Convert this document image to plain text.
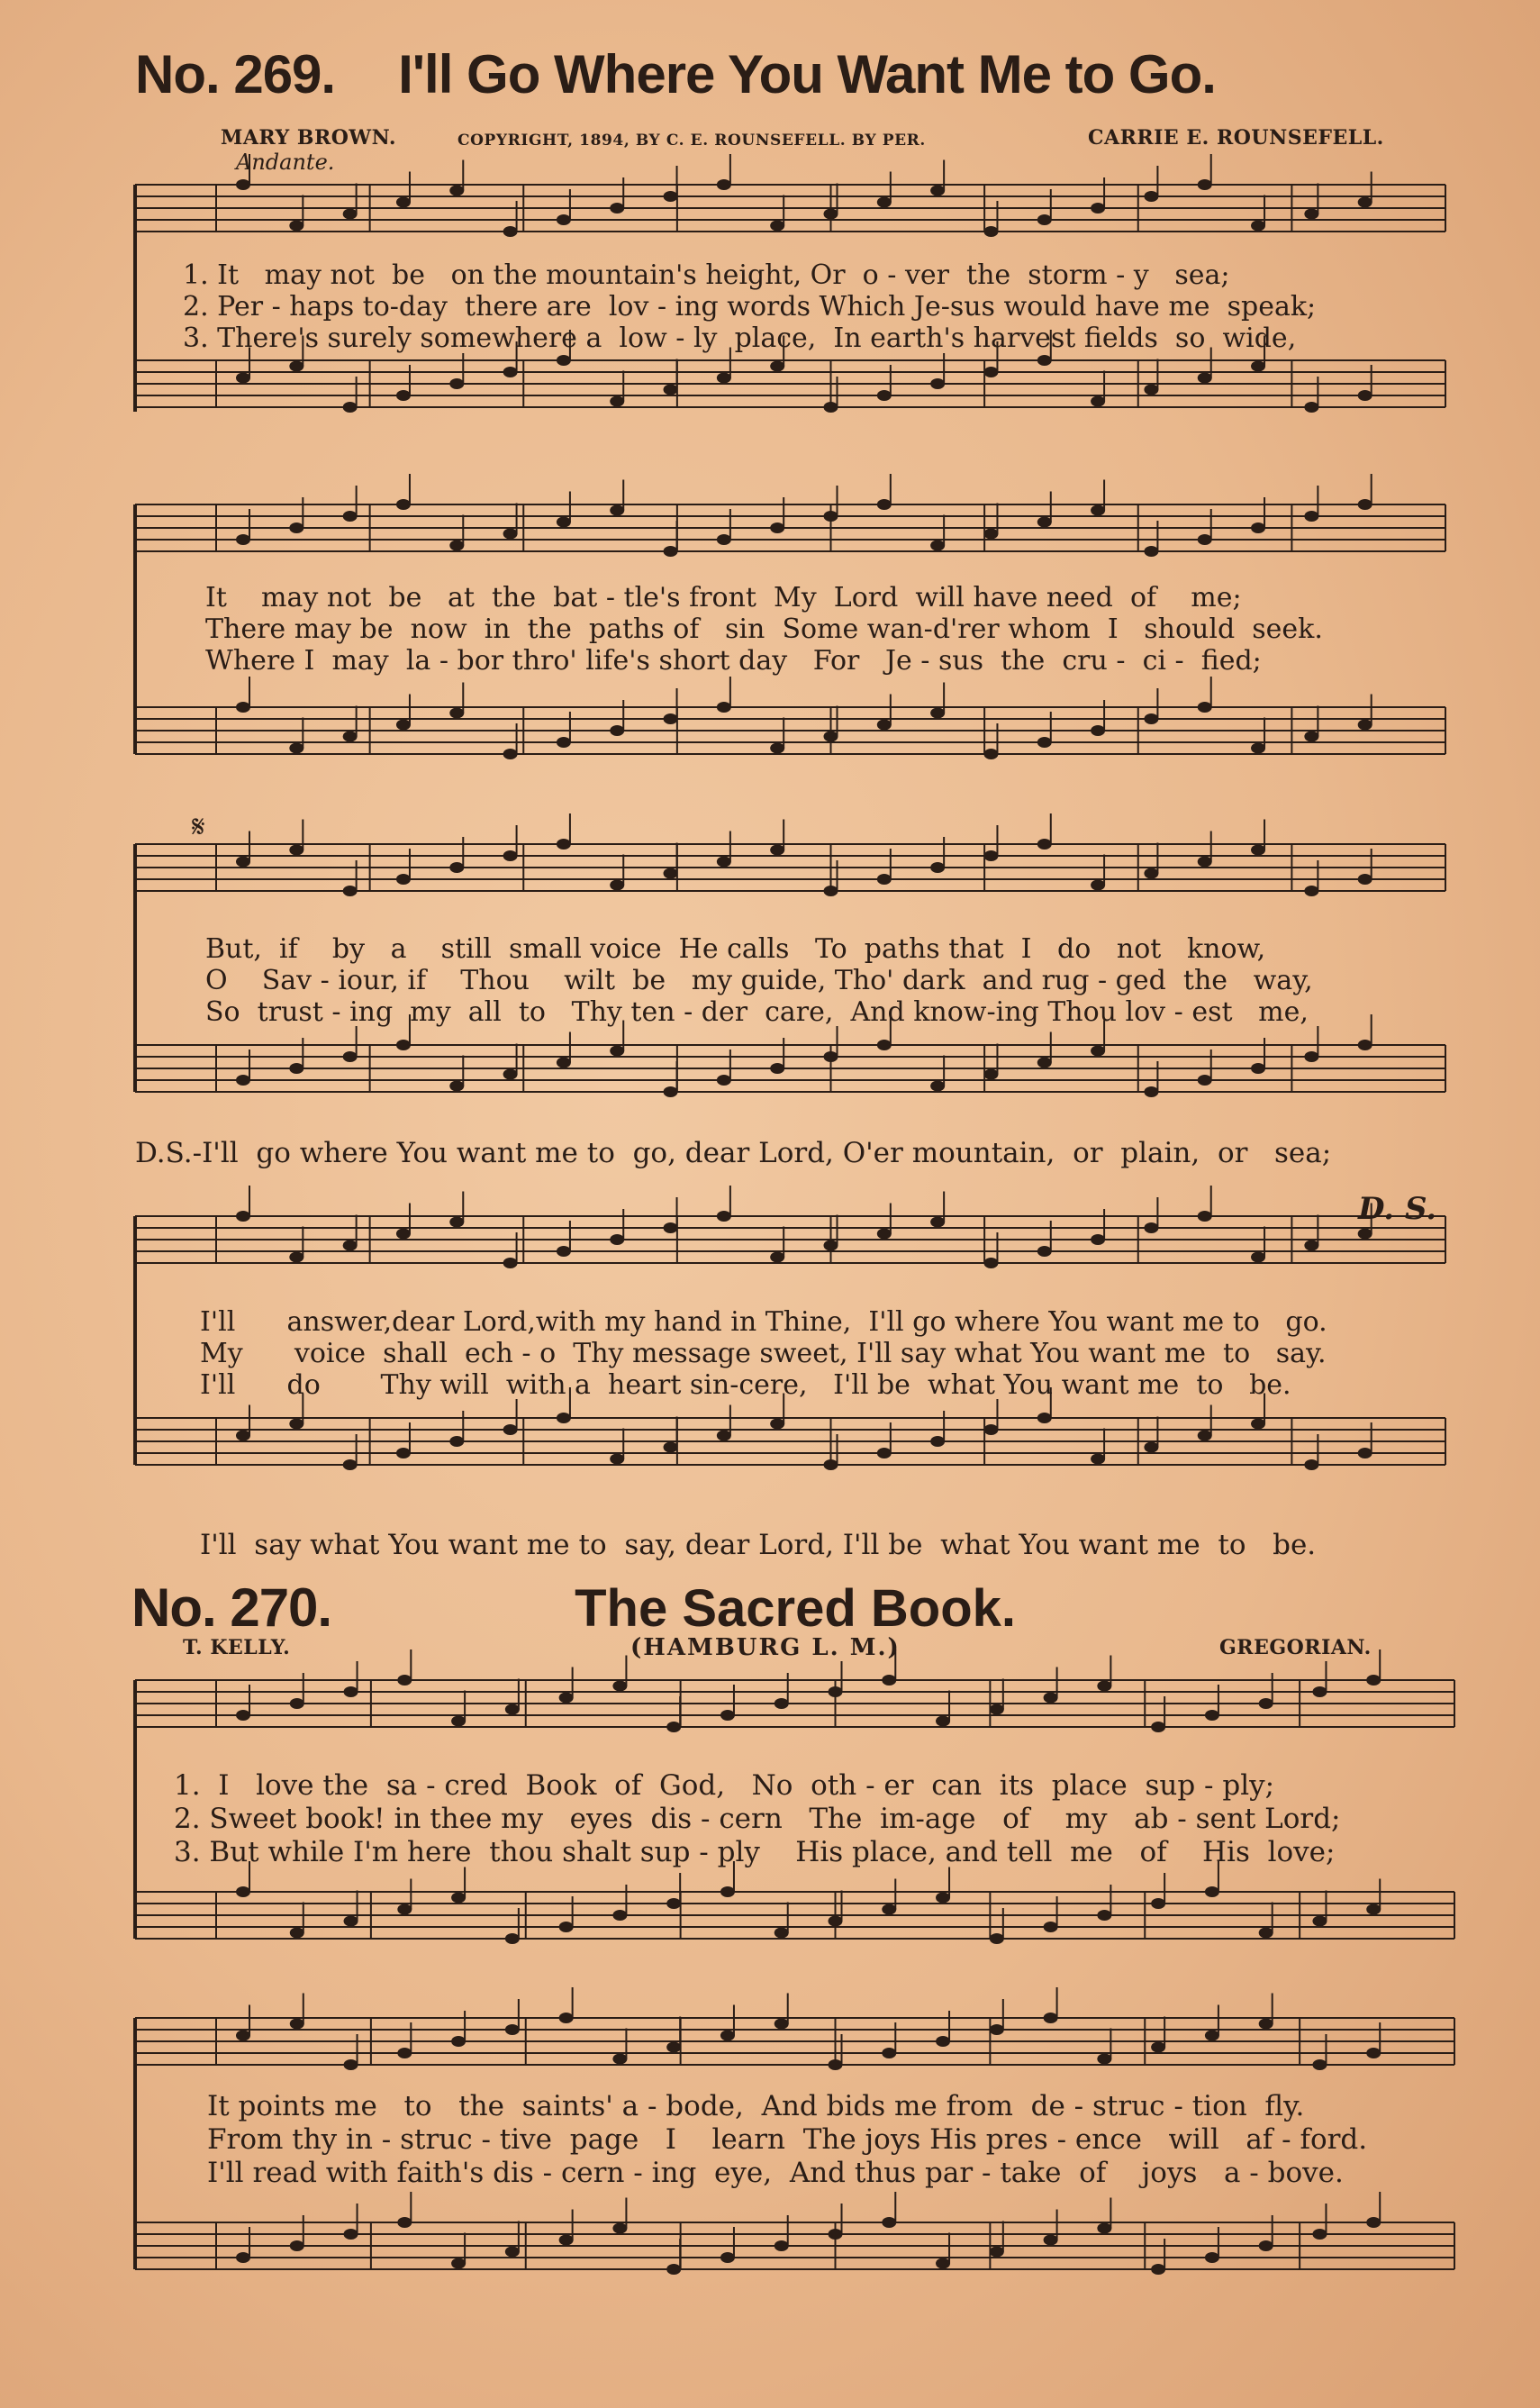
No. 269. I'll Go Where You Want Me to Go.
MARY BROWN.	COPYRIGHT, 1894, BY C. E. ROUNSEFELL. BY PER.	CARRIE E. ROUNSEFELL.
Andante.
1. It   may not  be   on the mountain's height, Or  o - ver  the  storm - y   sea;
2. Per - haps to-day  there are  lov - ing words Which Je-sus would have me  speak;
3. There's surely somewhere a  low - ly  place,  In earth's harvest fields  so  wide,
It    may not  be   at  the  bat - tle's front  My  Lord  will have need  of    me;
There may be  now  in  the  paths of   sin  Some wan-d'rer whom  I   should  seek.
Where I  may  la - bor thro' life's short day   For   Je - sus  the  cru -  ci -  fied;
𝄋
But,  if    by   a    still  small voice  He calls   To  paths that  I   do   not   know,
O    Sav - iour, if    Thou    wilt  be   my guide, Tho' dark  and rug - ged  the   way,
So  trust - ing  my  all  to   Thy ten - der  care,  And know-ing Thou lov - est   me,
D.S.-I'll  go where You want me to  go, dear Lord, O'er mountain,  or  plain,  or   sea;
D. S.
I'll      answer,dear Lord,with my hand in Thine,  I'll go where You want me to   go.
My      voice  shall  ech - o  Thy message sweet, I'll say what You want me  to   say.
I'll      do       Thy will  with a  heart sin-cere,   I'll be  what You want me  to   be.
I'll  say what You want me to  say, dear Lord, I'll be  what You want me  to   be.
No. 270.	The Sacred Book.
T. KELLY.	(HAMBURG L. M.)	GREGORIAN.
1.  I   love the  sa - cred  Book  of  God,   No  oth - er  can  its  place  sup - ply;
2. Sweet book! in thee my   eyes  dis - cern   The  im-age   of    my   ab - sent Lord;
3. But while I'm here  thou shalt sup - ply    His place, and tell  me   of    His  love;
It points me   to   the  saints' a - bode,  And bids me from  de - struc - tion  fly.
From thy in - struc - tive  page   I    learn  The joys His pres - ence   will   af - ford.
I'll read with faith's dis - cern - ing  eye,  And thus par - take  of    joys   a - bove.
